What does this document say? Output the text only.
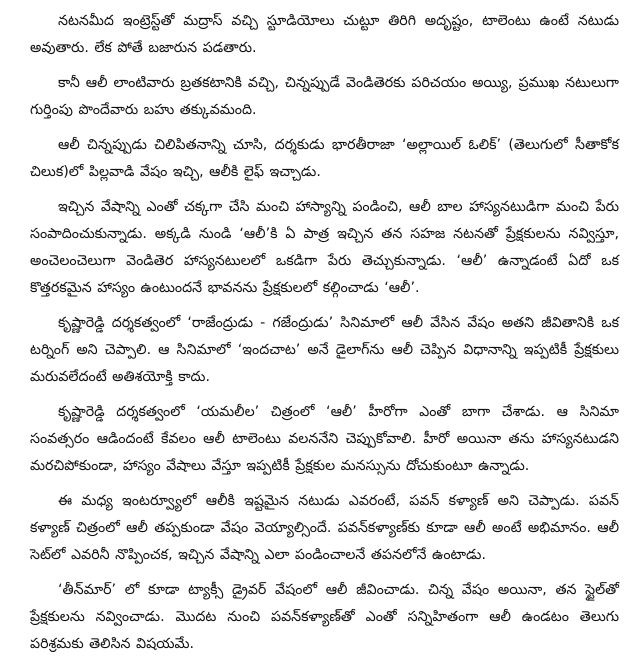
నటనమీద ఇంట్రెస్ట్‌తో మద్రాస్ వచ్చి స్టూడియోలు చుట్టూ తిరిగి అదృష్టం, టాలెంటు ఉంటే నటుడు అవుతారు. లేక పోతే బజారున పడతారు.

కానీ ఆలీ లాంటివారు బ్రతకటానికి వచ్చి, చిన్నప్పుడే వెండితెరకు పరిచయం అయ్యి, ప్రముఖ నటులుగా గుర్తింపు పొందేవారు బహు తక్కువమంది.

ఆలీ చిన్నప్పుడు చిలిపితనాన్ని చూసి, దర్శకుడు భారతీరాజా ‘అల్లాయిల్ ఓలిక్’ (తెలుగులో సీతాకోక చిలుక)లో పిల్లవాడి వేషం ఇచ్చి, ఆలీకి లైఫ్ ఇచ్చాడు.

ఇచ్చిన వేషాన్ని ఎంతో చక్కగా చేసి మంచి హాస్యాన్ని పండించి, ఆలీ బాల హాస్యనటుడిగా మంచి పేరు సంపాదించుకున్నాడు. అక్కడి నుండి ‘ఆలీ’కి ఏ పాత్ర ఇచ్చిన తన సహజ నటనతో ప్రేక్షకులను నవ్విస్తూ, అంచెలంచెలుగా వెండితెర హాస్యనటులలో ఒకడిగా పేరు తెచ్చుకున్నాడు. ‘ఆలీ’ ఉన్నాడంటే ఏదో ఒక కొత్తరకమైన హాస్యం ఉంటుందనే భావనను ప్రేక్షకులలో కల్గించాడు ‘ఆలీ’.

కృష్ణారెడ్డి దర్శకత్వంలో ‘రాజేంద్రుడు - గజేంద్రుడు’ సినిమాలో ఆలీ వేసిన వేషం అతని జీవితానికి ఒక టర్నింగ్ అని చెప్పాలి. ఆ సినిమాలో ‘ఇందచాట’ అనే డైలాగ్‌ను ఆలీ చెప్పిన విధానాన్ని ఇప్పటికీ ప్రేక్షకులు మరువలేదంటే అతిశయోక్తి కాదు.

కృష్ణారెడ్డి దర్శకత్వంలో ‘యమలీల’ చిత్రంలో ‘ఆలీ’ హీరోగా ఎంతో బాగా చేశాడు. ఆ సినిమా సంవత్సరం ఆడిందంటే కేవలం ఆలీ టాలెంటు వలననేని చెప్పుకోవాలి. హీరో అయినా తను హాస్యనటుడని మరచిపోకుండా, హాస్యం వేషాలు వేస్తూ ఇప్పటికీ ప్రేక్షకుల మనస్సును దోచుకుంటూ ఉన్నాడు.

ఈ మధ్య ఇంటర్వ్యూలో ఆలీకి ఇష్టమైన నటుడు ఎవరంటే, పవన్ కళ్యాణ్ అని చెప్పాడు. పవన్ కళ్యాణ్ చిత్రంలో ఆలీ తప్పకుండా వేషం వెయ్యాల్సిందే. పవన్‌కళ్యాణ్‌కు కూడా ఆలీ అంటే అభిమానం. ఆలీ సెట్‌లో ఎవరినీ నొప్పించక, ఇచ్చిన వేషాన్ని ఎలా పండించాలనే తపనలోనే ఉంటాడు.

‘తీన్‌మార్’ లో కూడా ట్యాక్సీ డ్రైవర్ వేషంలో ఆలీ జీవించాడు. చిన్న వేషం అయినా, తన స్టైల్‌తో ప్రేక్షకులను నవ్వించాడు. మొదట నుంచి పవన్‌కళ్యాణ్‌తో ఎంతో సన్నిహితంగా ఆలీ ఉండటం తెలుగు పరిశ్రమకు తెలిసిన విషయమే.
